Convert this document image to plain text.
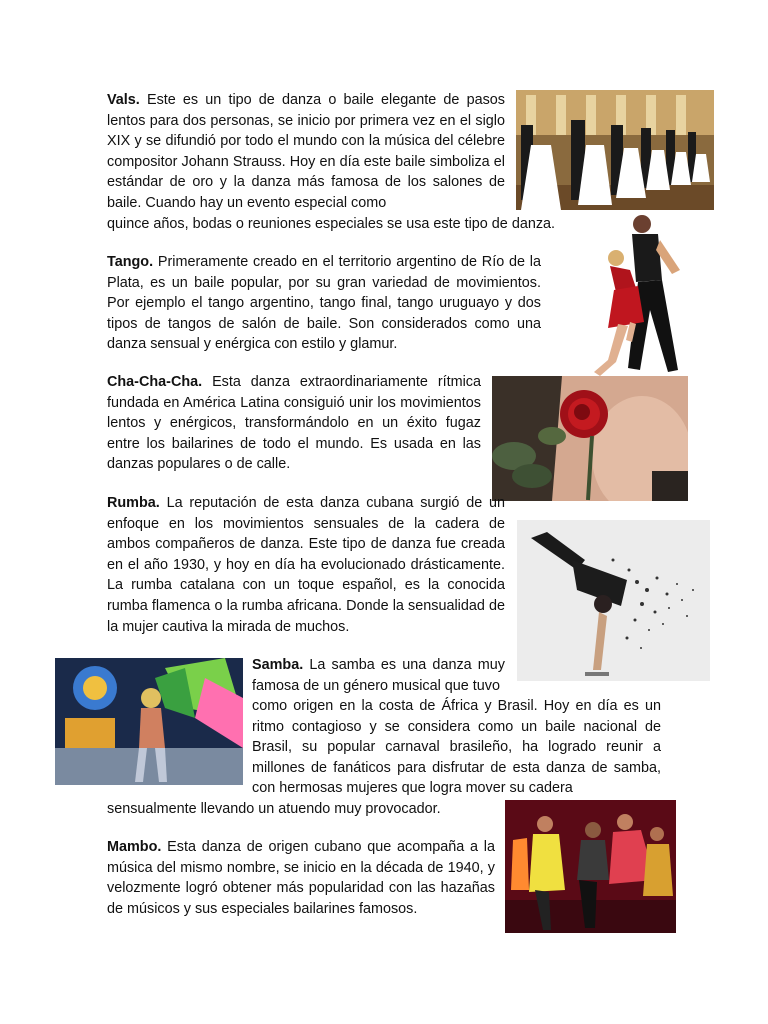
Vals. Este es un tipo de danza o baile elegante de pasos lentos para dos personas, se inicio por primera vez en el siglo XIX y se difundió por todo el mundo con la música del célebre compositor Johann Strauss. Hoy en día este baile simboliza el estándar de oro y la danza más famosa de los salones de baile. Cuando hay un evento especial como
quince años, bodas o reuniones especiales se usa este tipo de danza.

Tango. Primeramente creado en el territorio argentino de Río de la Plata, es un baile popular, por su gran variedad de movimientos. Por ejemplo el tango argentino, tango final, tango uruguayo y dos tipos de tangos de salón de baile. Son considerados como una danza sensual y enérgica con estilo y glamur.

Cha-Cha-Cha. Esta danza extraordinariamente rítmica fundada en América Latina consiguió unir los movimientos lentos y enérgicos, transformándolo en un éxito fugaz entre los bailarines de todo el mundo. Es usada en las danzas populares o de calle.

Rumba. La reputación de esta danza cubana surgió de un enfoque en los movimientos sensuales de la cadera de ambos compañeros de danza. Este tipo de danza fue creada en el año 1930, y hoy en día ha evolucionado drásticamente. La rumba catalana con un toque español, es la conocida rumba flamenca o la rumba africana. Donde la sensualidad de la mujer cautiva la mirada de muchos.

Samba. La samba es una danza muy famosa de un género musical que tuvo

como origen en la costa de África y Brasil. Hoy en día es un ritmo contagioso y se considera como un baile nacional de Brasil, su popular carnaval brasileño, ha logrado reunir a millones de fanáticos para disfrutar de esta danza de samba, con hermosas mujeres que logra mover su cadera

sensualmente llevando un atuendo muy provocador.

Mambo. Esta danza de origen cubano que acompaña a la música del mismo nombre, se inicio en la década de 1940, y velozmente logró obtener más popularidad con las hazañas de músicos y sus especiales bailarines famosos.
